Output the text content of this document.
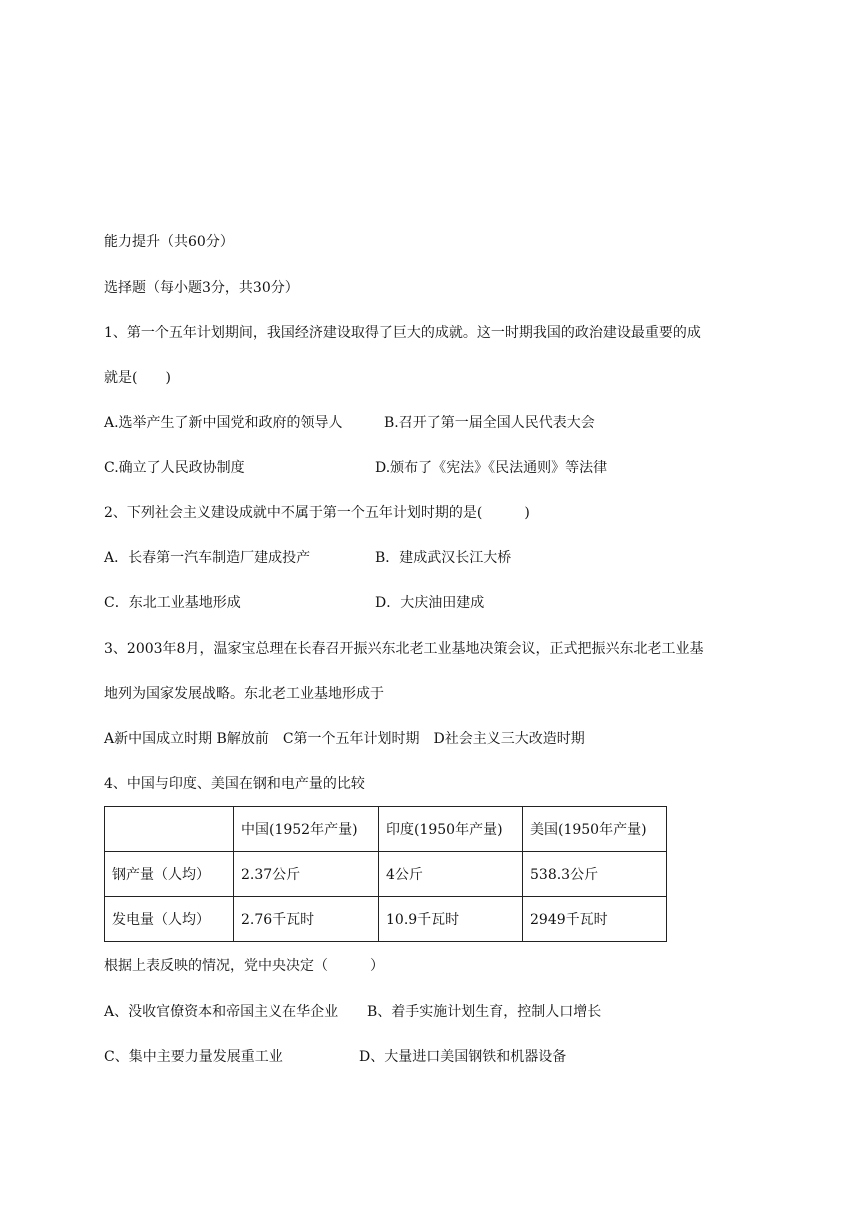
能力提升（共60分）
选择题（每小题3分，共30分）
1、第一个五年计划期间，我国经济建设取得了巨大的成就。这一时期我国的政治建设最重要的成
就是(　　)
A.选举产生了新中国党和政府的领导人	B.召开了第一届全国人民代表大会
C.确立了人民政协制度	D.颁布了《宪法》《民法通则》等法律
2、下列社会主义建设成就中不属于第一个五年计划时期的是(　　　)
A．长春第一汽车制造厂建成投产	B．建成武汉长江大桥
C．东北工业基地形成	D．大庆油田建成
3、2003年8月，温家宝总理在长春召开振兴东北老工业基地决策会议，正式把振兴东北老工业基
地列为国家发展战略。东北老工业基地形成于
A新中国成立时期 B解放前　C第一个五年计划时期　D社会主义三大改造时期
4、中国与印度、美国在钢和电产量的比较
	中国(1952年产量)	印度(1950年产量)	美国(1950年产量)
钢产量（人均）	2.37公斤	4公斤	538.3公斤
发电量（人均）	2.76千瓦时	10.9千瓦时	2949千瓦时
根据上表反映的情况，党中央决定（　　　）
A、没收官僚资本和帝国主义在华企业 B、着手实施计划生育，控制人口增长
C、集中主要力量发展重工业	D、大量进口美国钢铁和机器设备
